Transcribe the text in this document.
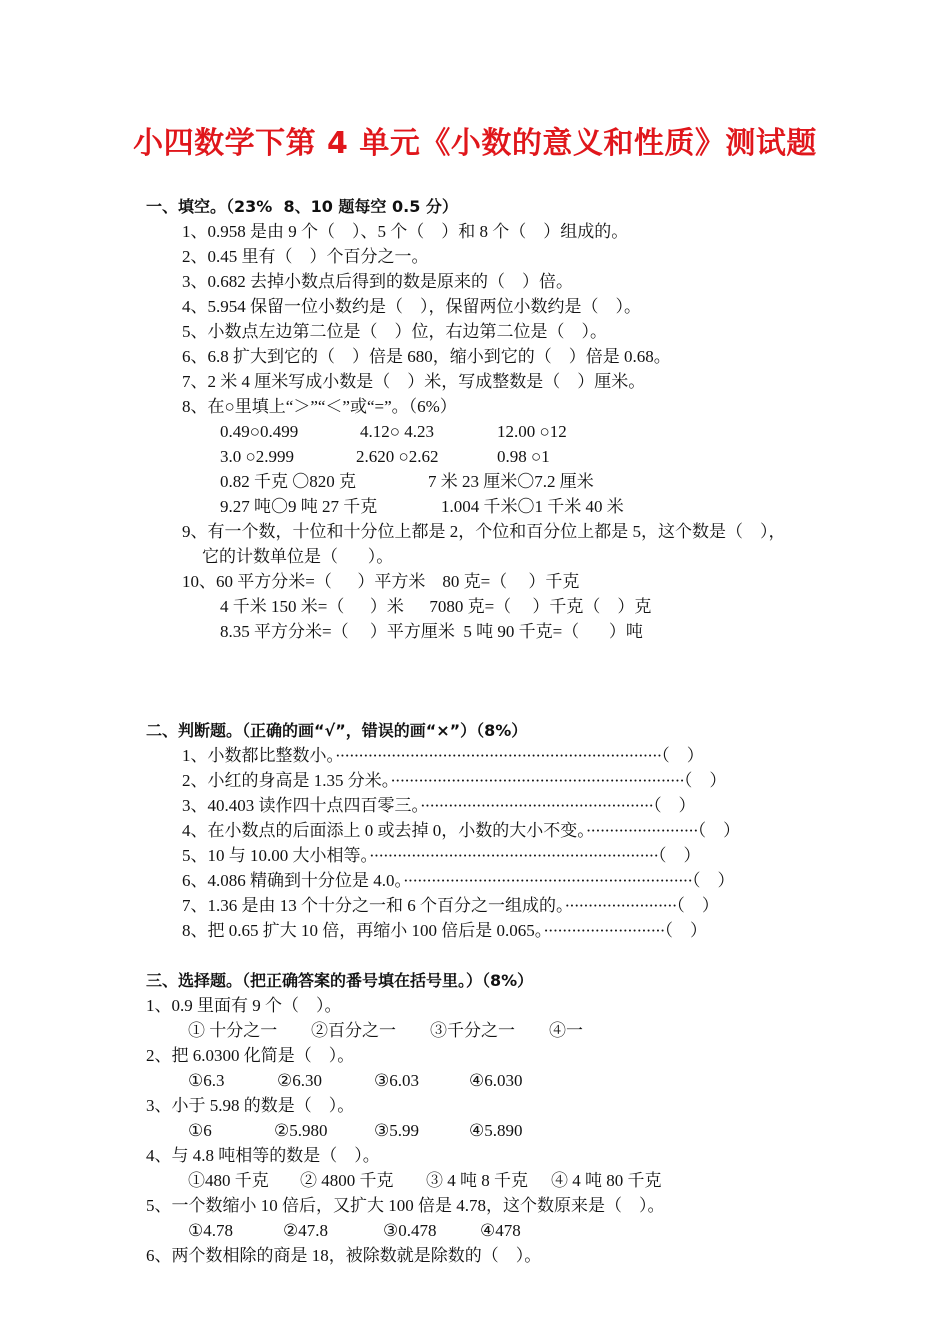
小四数学下第 4 单元《小数的意义和性质》测试题
一、填空。（23%  8、10 题每空 0.5 分）
1、0.958 是由 9 个（    ）、5 个（    ）和 8 个（    ）组成的。
2、0.45 里有（    ）个百分之一。
3、0.682 去掉小数点后得到的数是原来的（    ）倍。
4、5.954 保留一位小数约是（    ），保留两位小数约是（    ）。
5、小数点左边第二位是（    ）位，右边第二位是（    ）。
6、6.8 扩大到它的（    ）倍是 680，缩小到它的（    ）倍是 0.68。
7、2 米 4 厘米写成小数是（    ）米，写成整数是（    ）厘米。
8、在○里填上“＞”“＜”或“=”。（6%）
0.49○0.499	4.12○ 4.23	12.00 ○12
3.0 ○2.999	2.620 ○2.62	0.98 ○1
0.82 千克 〇820 克	7 米 23 厘米〇7.2 厘米
9.27 吨〇9 吨 27 千克	1.004 千米〇1 千米 40 米
9、有一个数，十位和十分位上都是 2，个位和百分位上都是 5，这个数是（    ），
它的计数单位是（       ）。
10、60 平方分米=（      ）平方米    80 克=（     ）千克
4 千米 150 米=（      ）米      7080 克=（     ）千克（    ）克
8.35 平方分米=（     ）平方厘米  5 吨 90 千克=（       ）吨
二、判断题。（正确的画“√”，错误的画“×”）（8%）
1、小数都比整数小。······································································（    ）
2、小红的身高是 1.35 分米。·······························································（    ）
3、40.403 读作四十点四百零三。··················································（    ）
4、在小数点的后面添上 0 或去掉 0，小数的大小不变。························（    ）
5、10 与 10.00 大小相等。······························································（    ）
6、4.086 精确到十分位是 4.0。······························································（    ）
7、1.36 是由 13 个十分之一和 6 个百分之一组成的。························（    ）
8、把 0.65 扩大 10 倍，再缩小 100 倍后是 0.065。··························（    ）
三、选择题。（把正确答案的番号填在括号里。）（8%）
1、0.9 里面有 9 个（    ）。
① 十分之一 ②百分之一 ③千分之一 ④一
2、把 6.0300 化简是（    ）。
①6.3	②6.30	③6.03	④6.030
3、小于 5.98 的数是（    ）。
①6	②5.980	③5.99	④5.890
4、与 4.8 吨相等的数是（    ）。
①480 千克 ② 4800 千克 ③ 4 吨 8 千克 ④ 4 吨 80 千克
5、一个数缩小 10 倍后，又扩大 100 倍是 4.78，这个数原来是（    ）。
①4.78	②47.8	③0.478	④478
6、两个数相除的商是 18，被除数就是除数的（    ）。
